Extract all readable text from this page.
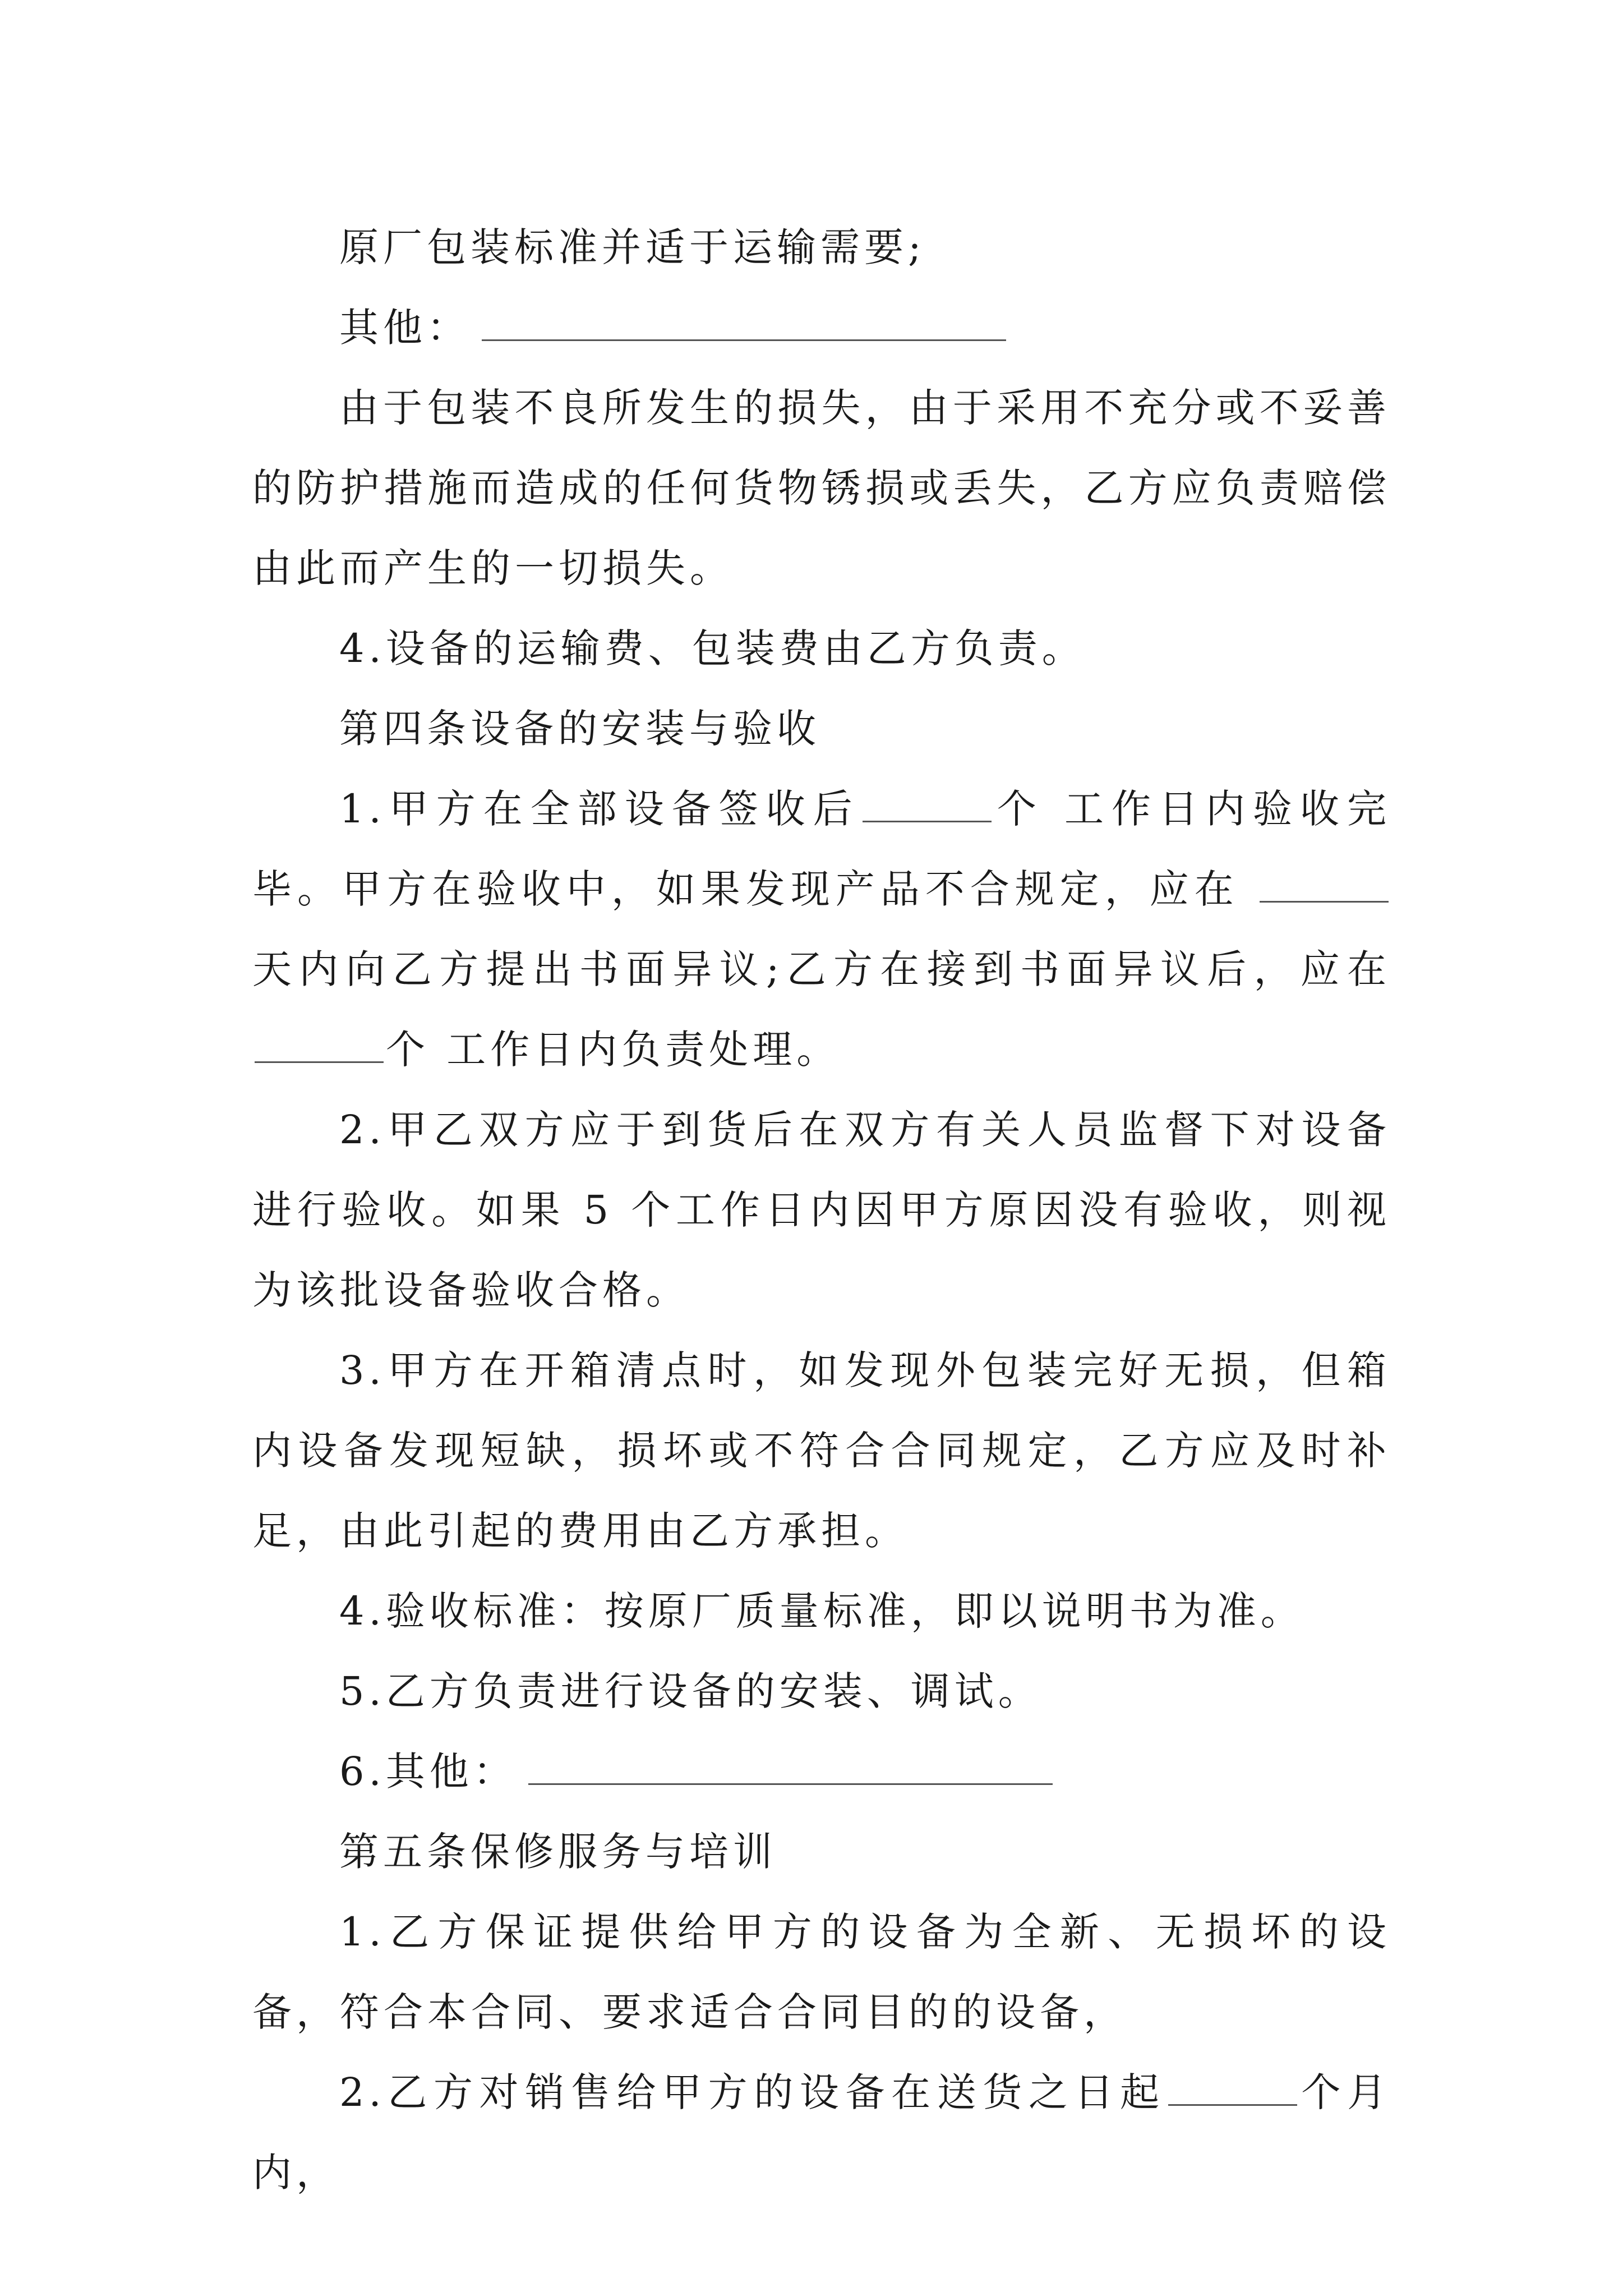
原厂包装标准并适于运输需要;

其他：

由于包装不良所发生的损失，由于采用不充分或不妥善的防护措施而造成的任何货物锈损或丢失，乙方应负责赔偿由此而产生的一切损失。

4.设备的运输费、包装费由乙方负责。

第四条设备的安装与验收

1.甲方在全部设备签收后	个 工作日内验收完毕。甲方在验收中，如果发现产品不合规定，应在 天内向乙方提出书面异议;乙方在接到书面异议后，应在个 工作日内负责处理。

2.甲乙双方应于到货后在双方有关人员监督下对设备进行验收。如果 5 个工作日内因甲方原因没有验收，则视为该批设备验收合格。

3.甲方在开箱清点时，如发现外包装完好无损，但箱内设备发现短缺，损坏或不符合合同规定，乙方应及时补足，由此引起的费用由乙方承担。

4.验收标准：按原厂质量标准，即以说明书为准。

5.乙方负责进行设备的安装、调试。

6.其他：

第五条保修服务与培训

1.乙方保证提供给甲方的设备为全新、无损坏的设备，符合本合同、要求适合合同目的的设备，

2.乙方对销售给甲方的设备在送货之日起	个月内，
